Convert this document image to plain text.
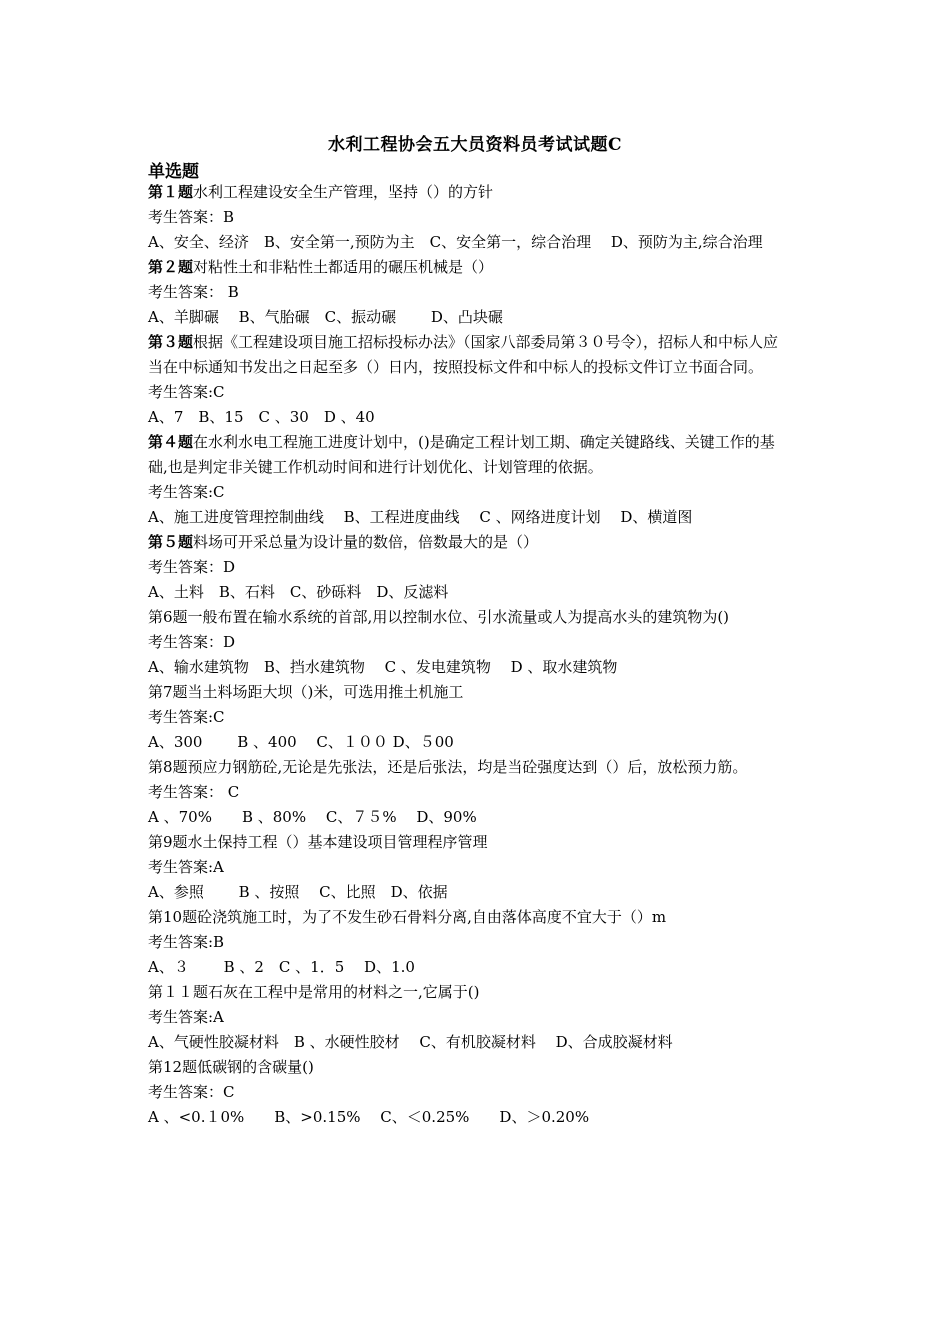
水利工程协会五大员资料员考试试题C
单选题
第１题水利工程建设安全生产管理，坚持（）的方针
考生答案：B
A、安全、经济　B、安全第一,预防为主　C、安全第一，综合治理　 D、预防为主,综合治理
第２题对粘性土和非粘性土都适用的碾压机械是（）
考生答案： B
A、羊脚碾　 B、气胎碾　C、振动碾　　 D、凸块碾
第３题根据《工程建设项目施工招标投标办法》（国家八部委局第３０号令），招标人和中标人应当在中标通知书发出之日起至多（）日内，按照投标文件和中标人的投标文件订立书面合同。
考生答案:C
A、7　B、15　C 、30　D 、40
第４题在水利水电工程施工进度计划中，()是确定工程计划工期、确定关键路线、关键工作的基础,也是判定非关键工作机动时间和进行计划优化、计划管理的依据。
考生答案:C
A、施工进度管理控制曲线　 B、工程进度曲线　 C 、网络进度计划　 D、横道图
第５题料场可开采总量为设计量的数倍，倍数最大的是（）
考生答案：D
A、土料　B、石料　C、砂砾料　D、反滤料
第6题一般布置在输水系统的首部,用以控制水位、引水流量或人为提高水头的建筑物为()
考生答案：D
A、输水建筑物　B、挡水建筑物　 C 、发电建筑物　 D 、取水建筑物
第7题当土料场距大坝（)米，可选用推土机施工
考生答案:C
A、300　 　B 、400　 C、１００ D、５00
第8题预应力钢筋砼,无论是先张法，还是后张法，均是当砼强度达到（）后，放松预力筋。
考生答案： C
A 、70%　　B 、80%　 C、７５%　 D、90%
第9题水土保持工程（）基本建设项目管理程序管理
考生答案:A
A、参照　 　B 、按照　 C、比照　D、依据
第10题砼浇筑施工时，为了不发生砂石骨料分离,自由落体高度不宜大于（）m
考生答案:B
A、３　 　B 、2　C 、1．5　 D、1.0
第１１题石灰在工程中是常用的材料之一,它属于()
考生答案:A
A、气硬性胶凝材料　B 、水硬性胶材　 C、有机胶凝材料　 D、合成胶凝材料
第12题低碳钢的含碳量()
考生答案：C
A 、<0.１0%　　B、>0.15%　 C、＜0.25%　　D、＞0.20%
